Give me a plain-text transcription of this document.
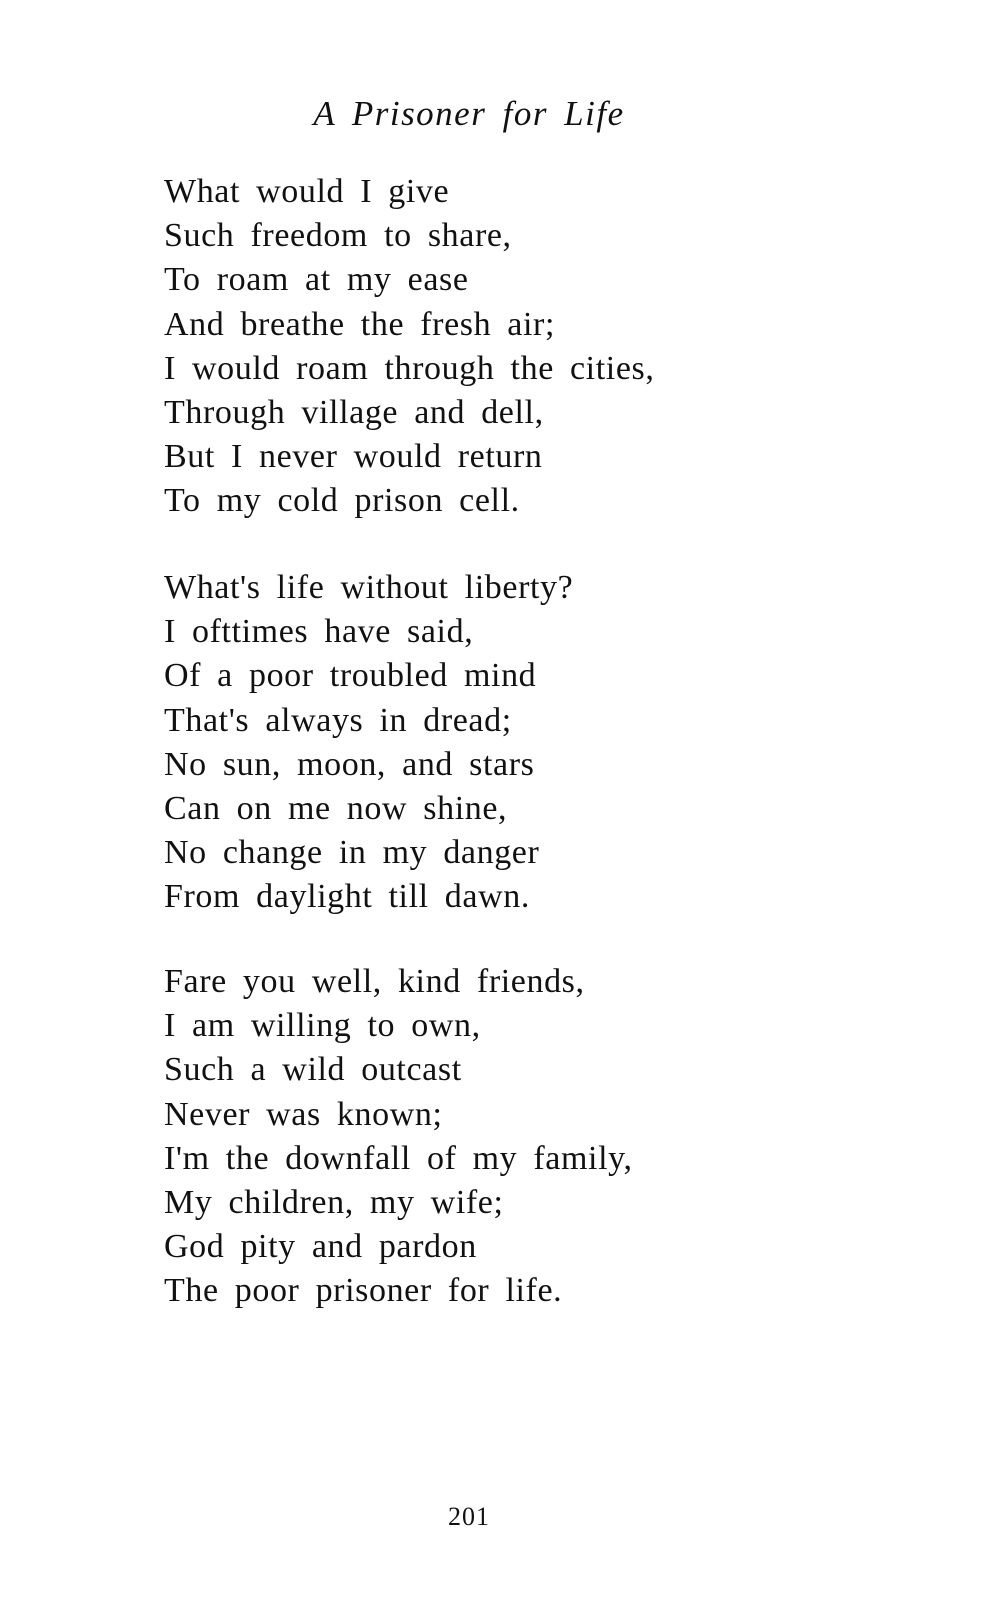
A Prisoner for Life
What would I give
Such freedom to share,
To roam at my ease
And breathe the fresh air;
I would roam through the cities,
Through village and dell,
But I never would return
To my cold prison cell.
What's life without liberty?
I ofttimes have said,
Of a poor troubled mind
That's always in dread;
No sun, moon, and stars
Can on me now shine,
No change in my danger
From daylight till dawn.
Fare you well, kind friends,
I am willing to own,
Such a wild outcast
Never was known;
I'm the downfall of my family,
My children, my wife;
God pity and pardon
The poor prisoner for life.
201
